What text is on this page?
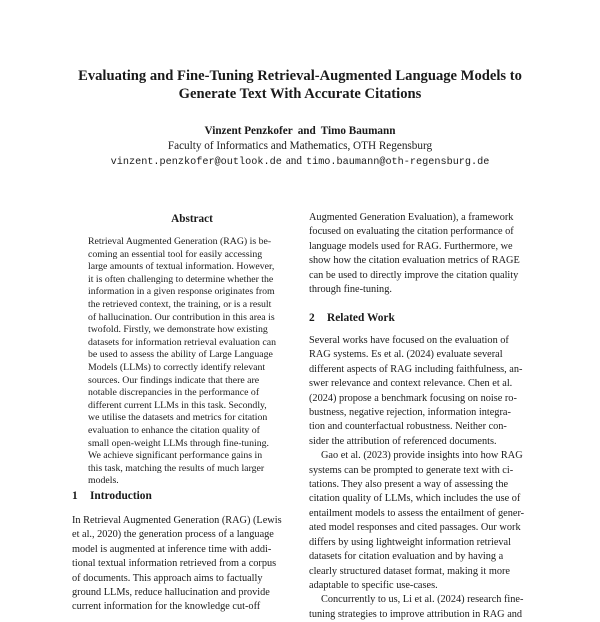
Evaluating and Fine-Tuning Retrieval-Augmented Language Models to
Generate Text With Accurate Citations
Vinzent Penzkofer and Timo Baumann
Faculty of Informatics and Mathematics, OTH Regensburg
vinzent.penzkofer@outlook.de and timo.baumann@oth-regensburg.de
Abstract
Retrieval Augmented Generation (RAG) is be-
coming an essential tool for easily accessing
large amounts of textual information. However,
it is often challenging to determine whether the
information in a given response originates from
the retrieved context, the training, or is a result
of hallucination. Our contribution in this area is
twofold. Firstly, we demonstrate how existing
datasets for information retrieval evaluation can
be used to assess the ability of Large Language
Models (LLMs) to correctly identify relevant
sources. Our findings indicate that there are
notable discrepancies in the performance of
different current LLMs in this task. Secondly,
we utilise the datasets and metrics for citation
evaluation to enhance the citation quality of
small open-weight LLMs through fine-tuning.
We achieve significant performance gains in
this task, matching the results of much larger
models.
1 Introduction
In Retrieval Augmented Generation (RAG) (Lewis
et al., 2020) the generation process of a language
model is augmented at inference time with addi-
tional textual information retrieved from a corpus
of documents. This approach aims to factually
ground LLMs, reduce hallucination and provide
current information for the knowledge cut-off
Augmented Generation Evaluation), a framework
focused on evaluating the citation performance of
language models used for RAG. Furthermore, we
show how the citation evaluation metrics of RAGE
can be used to directly improve the citation quality
through fine-tuning.
2 Related Work
Several works have focused on the evaluation of
RAG systems. Es et al. (2024) evaluate several
different aspects of RAG including faithfulness, an-
swer relevance and context relevance. Chen et al.
(2024) propose a benchmark focusing on noise ro-
bustness, negative rejection, information integra-
tion and counterfactual robustness. Neither con-
sider the attribution of referenced documents.
Gao et al. (2023) provide insights into how RAG
systems can be prompted to generate text with ci-
tations. They also present a way of assessing the
citation quality of LLMs, which includes the use of
entailment models to assess the entailment of gener-
ated model responses and cited passages. Our work
differs by using lightweight information retrieval
datasets for citation evaluation and by having a
clearly structured dataset format, making it more
adaptable to specific use-cases.
Concurrently to us, Li et al. (2024) research fine-
tuning strategies to improve attribution in RAG and
